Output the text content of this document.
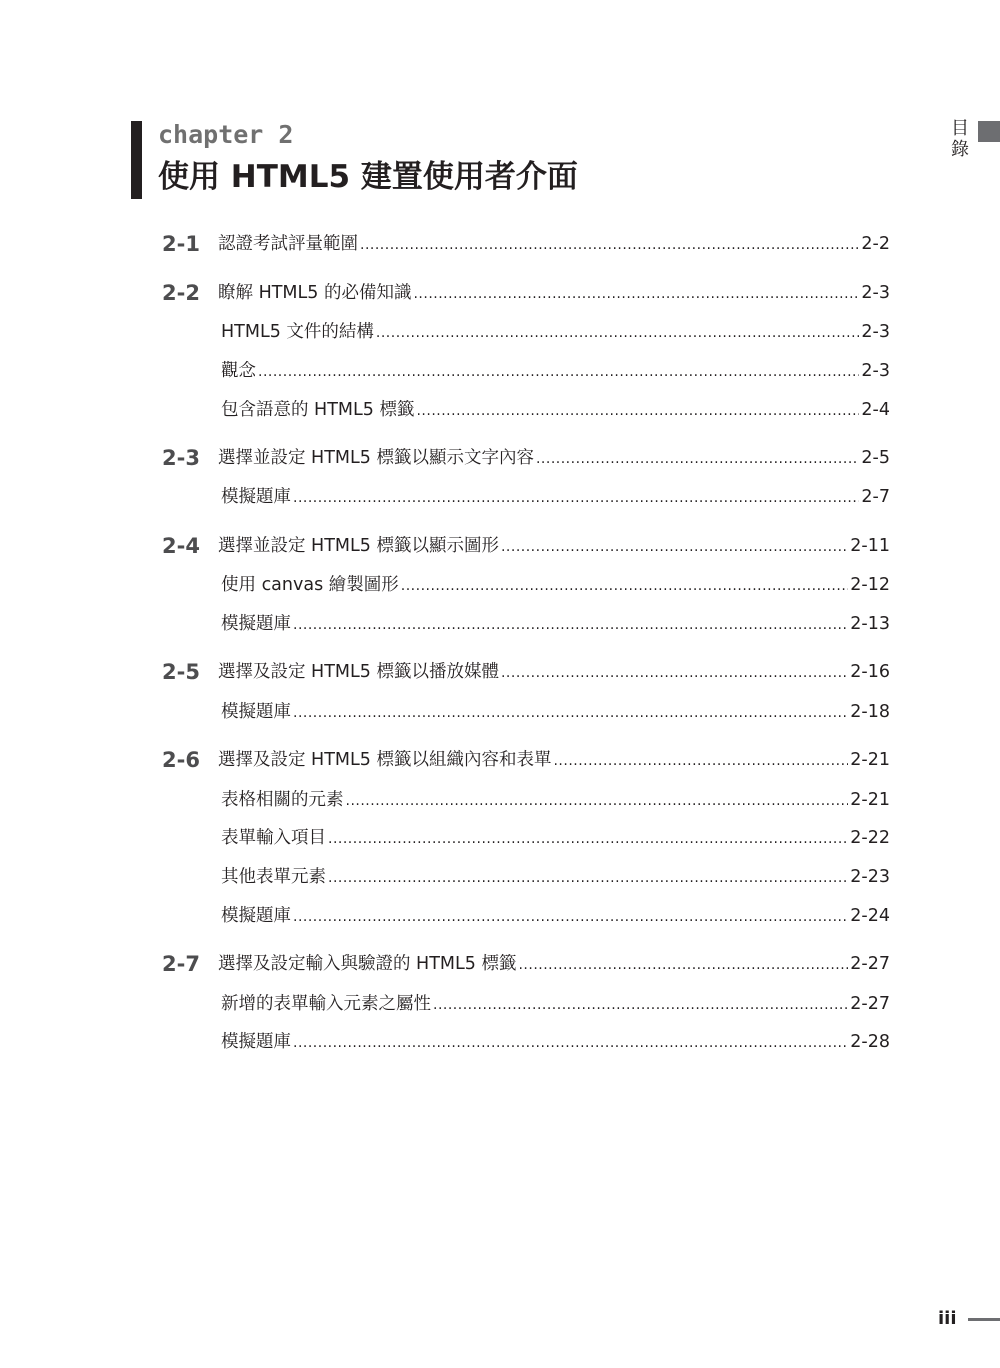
chapter 2
使用 HTML5 建置使用者介面
目錄
2-1 認證考試評量範圍 .....	2-2
2-2 瞭解 HTML5 的必備知識 .....	2-3
HTML5 文件的結構 .....	2-3
觀念 .....	2-3
包含語意的 HTML5 標籤 .....	2-4
2-3 選擇並設定 HTML5 標籤以顯示文字內容 .....	2-5
模擬題庫 .....	2-7
2-4 選擇並設定 HTML5 標籤以顯示圖形 .....	2-11
使用 canvas 繪製圖形 .....	2-12
模擬題庫 .....	2-13
2-5 選擇及設定 HTML5 標籤以播放媒體 .....	2-16
模擬題庫 .....	2-18
2-6 選擇及設定 HTML5 標籤以組織內容和表單 .....	2-21
表格相關的元素 .....	2-21
表單輸入項目 .....	2-22
其他表單元素 .....	2-23
模擬題庫 .....	2-24
2-7 選擇及設定輸入與驗證的 HTML5 標籤 .....	2-27
新增的表單輸入元素之屬性 .....	2-27
模擬題庫 .....	2-28
iii
